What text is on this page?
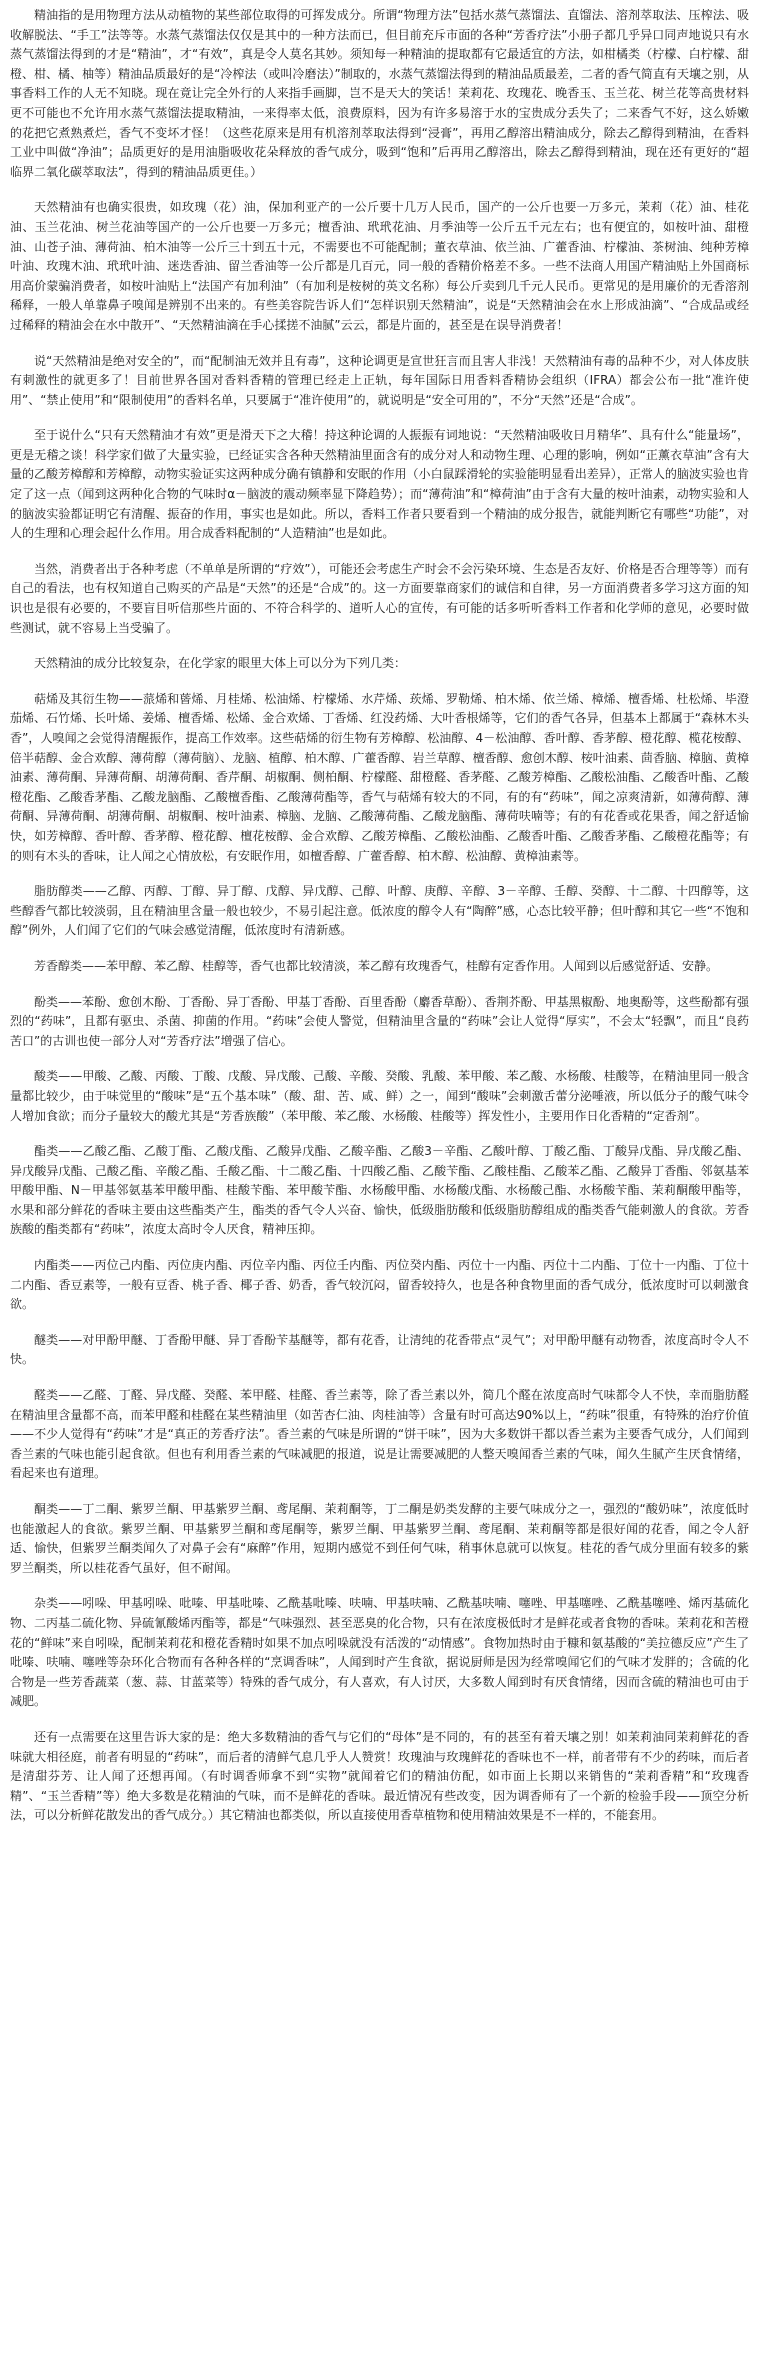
精油指的是用物理方法从动植物的某些部位取得的可挥发成分。所谓“物理方法”包括水蒸气蒸馏法、直馏法、溶剂萃取法、压榨法、吸收解脱法、“手工”法等等。水蒸气蒸馏法仅仅是其中的一种方法而已，但目前充斥市面的各种“芳香疗法”小册子都几乎异口同声地说只有水蒸气蒸馏法得到的才是“精油”，才“有效”，真是令人莫名其妙。须知每一种精油的提取都有它最适宜的方法，如柑橘类（柠檬、白柠檬、甜橙、柑、橘、柚等）精油品质最好的是“冷榨法（或叫冷磨法）”制取的，水蒸气蒸馏法得到的精油品质最差，二者的香气简直有天壤之别，从事香料工作的人无不知晓。现在竟让完全外行的人来指手画脚，岂不是天大的笑话！茉莉花、玫瑰花、晚香玉、玉兰花、树兰花等高贵材料更不可能也不允许用水蒸气蒸馏法提取精油，一来得率太低，浪费原料，因为有许多易溶于水的宝贵成分丢失了；二来香气不好，这么娇嫩的花把它煮熟煮烂，香气不变坏才怪！（这些花原来是用有机溶剂萃取法得到“浸膏”，再用乙醇溶出精油成分，除去乙醇得到精油，在香料工业中叫做“净油”；品质更好的是用油脂吸收花朵释放的香气成分，吸到“饱和”后再用乙醇溶出，除去乙醇得到精油，现在还有更好的“超临界二氧化碳萃取法”，得到的精油品质更佳。）

天然精油有也确实很贵，如玫瑰（花）油，保加利亚产的一公斤要十几万人民币，国产的一公斤也要一万多元，茉莉（花）油、桂花油、玉兰花油、树兰花油等国产的一公斤也要一万多元；檀香油、玳玳花油、月季油等一公斤五千元左右；也有便宜的，如桉叶油、甜橙油、山苍子油、薄荷油、柏木油等一公斤三十到五十元，不需要也不可能配制；董衣草油、依兰油、广藿香油、柠檬油、茶树油、纯种芳樟叶油、玫瑰木油、玳玳叶油、迷迭香油、留兰香油等一公斤都是几百元，同一般的香精价格差不多。一些不法商人用国产精油贴上外国商标用高价蒙骗消费者，如桉叶油贴上“法国产有加利油”（有加利是桉树的英文名称）每公斤卖到几千元人民币。更常见的是用廉价的无香溶剂稀释，一般人单靠鼻子嗅闻是辨别不出来的。有些美容院告诉人们“怎样识别天然精油”，说是“天然精油会在水上形成油滴”、“合成品或经过稀释的精油会在水中散开”、“天然精油滴在手心揉搓不油腻”云云，都是片面的，甚至是在误导消费者！

说“天然精油是绝对安全的”，而“配制油无效并且有毒”，这种论调更是宣世狂言而且害人非浅！天然精油有毒的品种不少，对人体皮肤有刺激性的就更多了！目前世界各国对香料香精的管理已经走上正轨，每年国际日用香料香精协会组织（IFRA）都会公布一批“准许使用”、“禁止使用”和“限制使用”的香料名单，只要属于“准许使用”的，就说明是“安全可用的”，不分“天然”还是“合成”。

至于说什么“只有天然精油才有效”更是滑天下之大稽！持这种论调的人振振有词地说：“天然精油吸收日月精华”、具有什么“能量场”，更是无稽之谈！科学家们做了大量实验，已经证实含各种天然精油里面含有的成分对人和动物生理、心理的影响，例如“正薰衣草油”含有大量的乙酸芳樟醇和芳樟醇，动物实验证实这两种成分确有镇静和安眠的作用（小白鼠踩滑轮的实验能明显看出差异），正常人的脑波实验也肯定了这一点（闻到这两种化合物的气味时α－脑波的震动频率显下降趋势）；而“薄荷油”和“樟荷油”由于含有大量的桉叶油素，动物实验和人的脑波实验都证明它有清醒、振奋的作用，事实也是如此。所以，香料工作者只要看到一个精油的成分报告，就能判断它有哪些“功能”，对人的生理和心理会起什么作用。用合成香料配制的“人造精油”也是如此。

当然，消费者出于各种考虑（不单单是所谓的“疗效”），可能还会考虑生产时会不会污染环境、生态是否友好、价格是否合理等等）而有自己的看法，也有权知道自己购买的产品是“天然”的还是“合成”的。这一方面要靠商家们的诚信和自律，另一方面消费者多学习这方面的知识也是很有必要的，不要盲目听信那些片面的、不符合科学的、道听人心的宣传，有可能的话多听听香料工作者和化学师的意见，必要时做些测试，就不容易上当受骗了。

天然精油的成分比较复杂，在化学家的眼里大体上可以分为下列几类：

萜烯及其衍生物——蒎烯和蒈烯、月桂烯、松油烯、柠檬烯、水芹烯、莰烯、罗勒烯、柏木烯、依兰烯、樟烯、檀香烯、杜松烯、毕澄茄烯、石竹烯、长叶烯、姜烯、檀香烯、松烯、金合欢烯、丁香烯、红没药烯、大叶香根烯等，它们的香气各异，但基本上都属于“森林木头香”，人嗅闻之会觉得清醒振作，提高工作效率。这些萜烯的衍生物有芳樟醇、松油醇、4－松油醇、香叶醇、香茅醇、橙花醇、榄花桉醇、倍半萜醇、金合欢醇、薄荷醇（薄荷脑）、龙脑、植醇、柏木醇、广藿香醇、岩兰草醇、檀香醇、愈创木醇、桉叶油素、茴香脑、樟脑、黄樟油素、薄荷酮、异薄荷酮、胡薄荷酮、香芹酮、胡椒酮、侧柏酮、柠檬醛、甜橙醛、香茅醛、乙酸芳樟酯、乙酸松油酯、乙酸香叶酯、乙酸橙花酯、乙酸香茅酯、乙酸龙脑酯、乙酸檀香酯、乙酸薄荷酯等，香气与萜烯有较大的不同，有的有“药味”，闻之凉爽清新，如薄荷醇、薄荷酮、异薄荷酮、胡薄荷酮、胡椒酮、桉叶油素、樟脑、龙脑、乙酸薄荷酯、乙酸龙脑酯、薄荷呋喃等；有的有花香或花果香，闻之舒适愉快，如芳樟醇、香叶醇、香茅醇、橙花醇、檀花桉醇、金合欢醇、乙酸芳樟酯、乙酸松油酯、乙酸香叶酯、乙酸香茅酯、乙酸橙花酯等；有的则有木头的香味，让人闻之心情放松，有安眠作用，如檀香醇、广藿香醇、柏木醇、松油醇、黄樟油素等。

脂肪醇类——乙醇、丙醇、丁醇、异丁醇、戊醇、异戊醇、己醇、叶醇、庚醇、辛醇、3－辛醇、壬醇、癸醇、十二醇、十四醇等，这些醇香气都比较淡弱，且在精油里含量一般也较少，不易引起注意。低浓度的醇令人有“陶醉”感，心态比较平静；但叶醇和其它一些“不饱和醇”例外，人们闻了它们的气味会感觉清醒，低浓度时有清新感。

芳香醇类——苯甲醇、苯乙醇、桂醇等，香气也都比较清淡，苯乙醇有玫瑰香气，桂醇有定香作用。人闻到以后感觉舒适、安静。

酚类——苯酚、愈创木酚、丁香酚、异丁香酚、甲基丁香酚、百里香酚（麝香草酚）、香荆芥酚、甲基黑椒酚、地奥酚等，这些酚都有强烈的“药味”，且都有驱虫、杀菌、抑菌的作用。“药味”会使人警觉，但精油里含量的“药味”会让人觉得“厚实”，不会太“轻飘”，而且“良药苦口”的古训也使一部分人对“芳香疗法”增强了信心。

酸类——甲酸、乙酸、丙酸、丁酸、戊酸、异戊酸、己酸、辛酸、癸酸、乳酸、苯甲酸、苯乙酸、水杨酸、桂酸等，在精油里同一般含量都比较少，由于味觉里的“酸味”是“五个基本味”（酸、甜、苦、咸、鲜）之一，闻到“酸味”会刺激舌蕾分泌唾液，所以低分子的酸气味令人增加食欲；而分子量较大的酸尤其是“芳香族酸”（苯甲酸、苯乙酸、水杨酸、桂酸等）挥发性小，主要用作日化香精的“定香剂”。

酯类——乙酸乙酯、乙酸丁酯、乙酸戊酯、乙酸异戊酯、乙酸辛酯、乙酸3－辛酯、乙酸叶醇、丁酸乙酯、丁酸异戊酯、异戊酸乙酯、异戊酸异戊酯、己酸乙酯、辛酸乙酯、壬酸乙酯、十二酸乙酯、十四酸乙酯、乙酸苄酯、乙酸桂酯、乙酸苯乙酯、乙酸异丁香酯、邻氨基苯甲酸甲酯、N－甲基邻氨基苯甲酸甲酯、桂酸苄酯、苯甲酸苄酯、水杨酸甲酯、水杨酸戊酯、水杨酸己酯、水杨酸苄酯、茉莉酮酸甲酯等，水果和部分鲜花的香味主要由这些酯类产生，酯类的香气令人兴奋、愉快，低级脂肪酸和低级脂肪醇组成的酯类香气能刺激人的食欲。芳香族酸的酯类都有“药味”，浓度太高时令人厌食，精神压抑。

内酯类——丙位己内酯、丙位庚内酯、丙位辛内酯、丙位壬内酯、丙位癸内酯、丙位十一内酯、丙位十二内酯、丁位十一内酯、丁位十二内酯、香豆素等，一般有豆香、桃子香、椰子香、奶香，香气较沉闷，留香较持久，也是各种食物里面的香气成分，低浓度时可以刺激食欲。

醚类——对甲酚甲醚、丁香酚甲醚、异丁香酚苄基醚等，都有花香，让清纯的花香带点“灵气”；对甲酚甲醚有动物香，浓度高时令人不快。

醛类——乙醛、丁醛、异戊醛、癸醛、苯甲醛、桂醛、香兰素等，除了香兰素以外，简几个醛在浓度高时气味都令人不快，幸而脂肪醛在精油里含量都不高，而苯甲醛和桂醛在某些精油里（如苦杏仁油、肉桂油等）含量有时可高达90%以上，“药味”很重，有特殊的治疗价值——不少人觉得有“药味”才是“真正的芳香疗法”。香兰素的气味是所谓的“饼干味”，因为大多数饼干都以香兰素为主要香气成分，人们闻到香兰素的气味也能引起食欲。但也有利用香兰素的气味减肥的报道，说是让需要减肥的人整天嗅闻香兰素的气味，闻久生腻产生厌食情绪，看起来也有道理。

酮类——丁二酮、紫罗兰酮、甲基紫罗兰酮、鸢尾酮、茉莉酮等，丁二酮是奶类发酵的主要气味成分之一，强烈的“酸奶味”，浓度低时也能激起人的食欲。紫罗兰酮、甲基紫罗兰酮和鸢尾酮等，紫罗兰酮、甲基紫罗兰酮、鸢尾酮、茉莉酮等都是很好闻的花香，闻之令人舒适、愉快，但紫罗兰酮类闻久了对鼻子会有“麻醉”作用，短期内感觉不到任何气味，稍事休息就可以恢复。桂花的香气成分里面有较多的紫罗兰酮类，所以桂花香气虽好，但不耐闻。

杂类——吲哚、甲基吲哚、吡嗪、甲基吡嗪、乙酰基吡嗪、呋喃、甲基呋喃、乙酰基呋喃、噻唑、甲基噻唑、乙酰基噻唑、烯丙基硫化物、二丙基二硫化物、异硫氰酸烯丙酯等，都是“气味强烈、甚至恶臭的化合物，只有在浓度极低时才是鲜花或者食物的香味。茉莉花和苦橙花的“鲜味”来自吲哚，配制茉莉花和橙花香精时如果不加点吲哚就没有活泼的“动情感”。食物加热时由于糠和氨基酸的“美拉德反应”产生了吡嗪、呋喃、噻唑等杂环化合物而有各种各样的“烹调香味”，人闻到时产生食欲，据说厨师是因为经常嗅闻它们的气味才发胖的；含硫的化合物是一些芳香蔬菜（葱、蒜、甘蓝菜等）特殊的香气成分，有人喜欢，有人讨厌，大多数人闻到时有厌食情绪，因而含硫的精油也可由于减肥。

还有一点需要在这里告诉大家的是：绝大多数精油的香气与它们的“母体”是不同的，有的甚至有着天壤之别！如茉莉油同茉莉鲜花的香味就大相径庭，前者有明显的“药味”，而后者的清鲜气息几乎人人赞赏！玫瑰油与玫瑰鲜花的香味也不一样，前者带有不少的药味，而后者是清甜芬芳、让人闻了还想再闻。（有时调香师拿不到“实物”就闻着它们的精油仿配，如市面上长期以来销售的“茉莉香精”和“玫瑰香精”、“玉兰香精”等）绝大多数是花精油的气味，而不是鲜花的香味。最近情况有些改变，因为调香师有了一个新的检验手段——顶空分析法，可以分析鲜花散发出的香气成分。）其它精油也都类似，所以直接使用香草植物和使用精油效果是不一样的，不能套用。
